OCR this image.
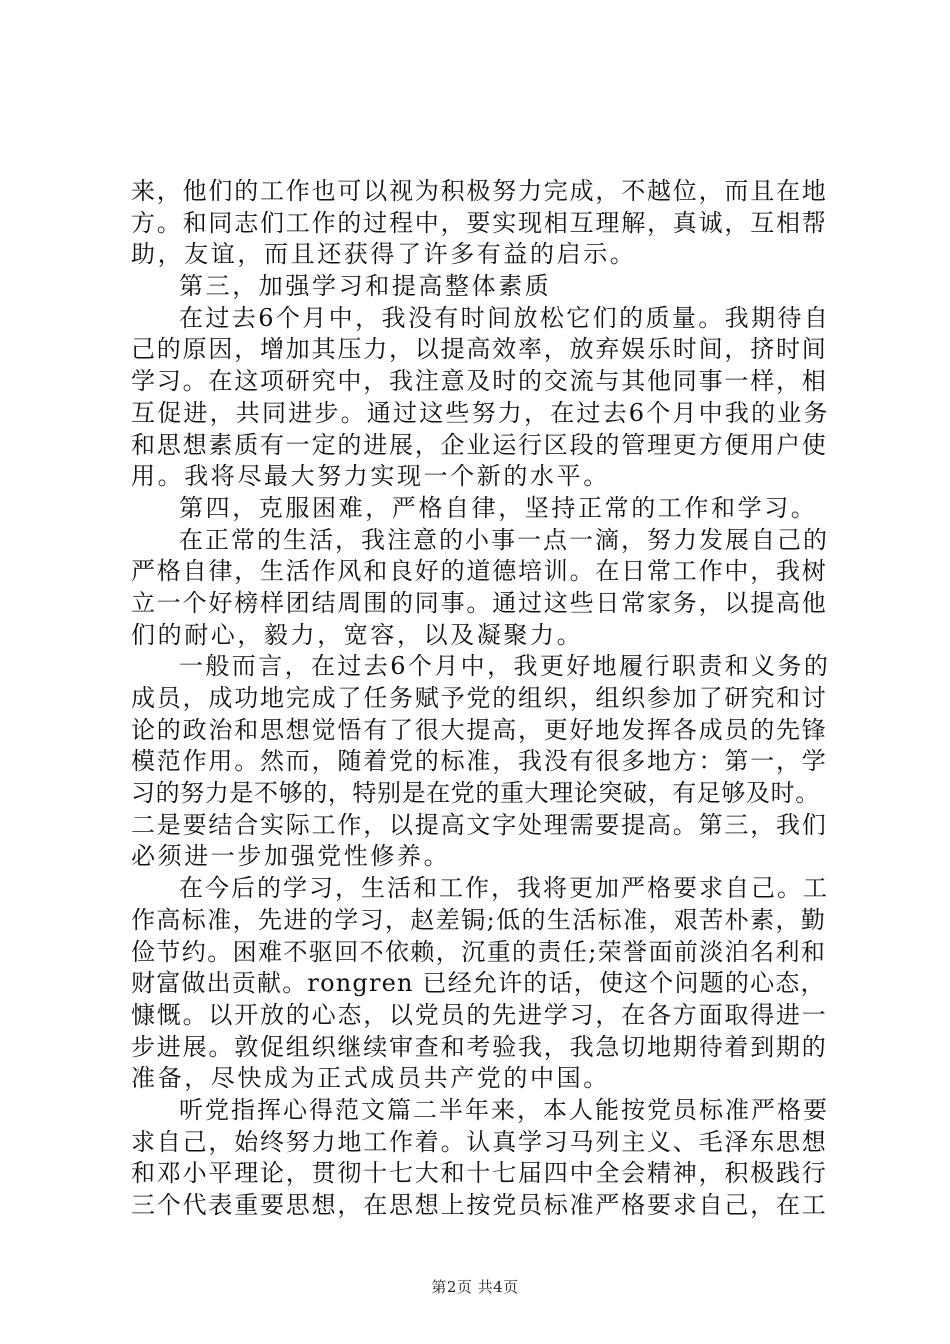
来，他们的工作也可以视为积极努力完成，不越位，而且在地
方。和同志们工作的过程中，要实现相互理解，真诚，互相帮
助，友谊，而且还获得了许多有益的启示。
第三，加强学习和提高整体素质
在过去6个月中，我没有时间放松它们的质量。我期待自
己的原因，增加其压力，以提高效率，放弃娱乐时间，挤时间
学习。在这项研究中，我注意及时的交流与其他同事一样，相
互促进，共同进步。通过这些努力，在过去6个月中我的业务
和思想素质有一定的进展，企业运行区段的管理更方便用户使
用。我将尽最大努力实现一个新的水平。
第四，克服困难，严格自律，坚持正常的工作和学习。
在正常的生活，我注意的小事一点一滴，努力发展自己的
严格自律，生活作风和良好的道德培训。在日常工作中，我树
立一个好榜样团结周围的同事。通过这些日常家务，以提高他
们的耐心，毅力，宽容，以及凝聚力。
一般而言，在过去6个月中，我更好地履行职责和义务的
成员，成功地完成了任务赋予党的组织，组织参加了研究和讨
论的政治和思想觉悟有了很大提高，更好地发挥各成员的先锋
模范作用。然而，随着党的标准，我没有很多地方：第一，学
习的努力是不够的，特别是在党的重大理论突破，有足够及时。
二是要结合实际工作，以提高文字处理需要提高。第三，我们
必须进一步加强党性修养。
在今后的学习，生活和工作，我将更加严格要求自己。工
作高标准，先进的学习，赵差锔;低的生活标准，艰苦朴素，勤
俭节约。困难不驱回不依赖，沉重的责任;荣誉面前淡泊名利和
财富做出贡献。rongren 已经允许的话，使这个问题的心态，
慷慨。以开放的心态，以党员的先进学习，在各方面取得进一
步进展。敦促组织继续审查和考验我，我急切地期待着到期的
准备，尽快成为正式成员共产党的中国。
听党指挥心得范文篇二半年来，本人能按党员标准严格要
求自己，始终努力地工作着。认真学习马列主义、毛泽东思想
和邓小平理论，贯彻十七大和十七届四中全会精神，积极践行
三个代表重要思想，在思想上按党员标准严格要求自己，在工
第2页 共4页
